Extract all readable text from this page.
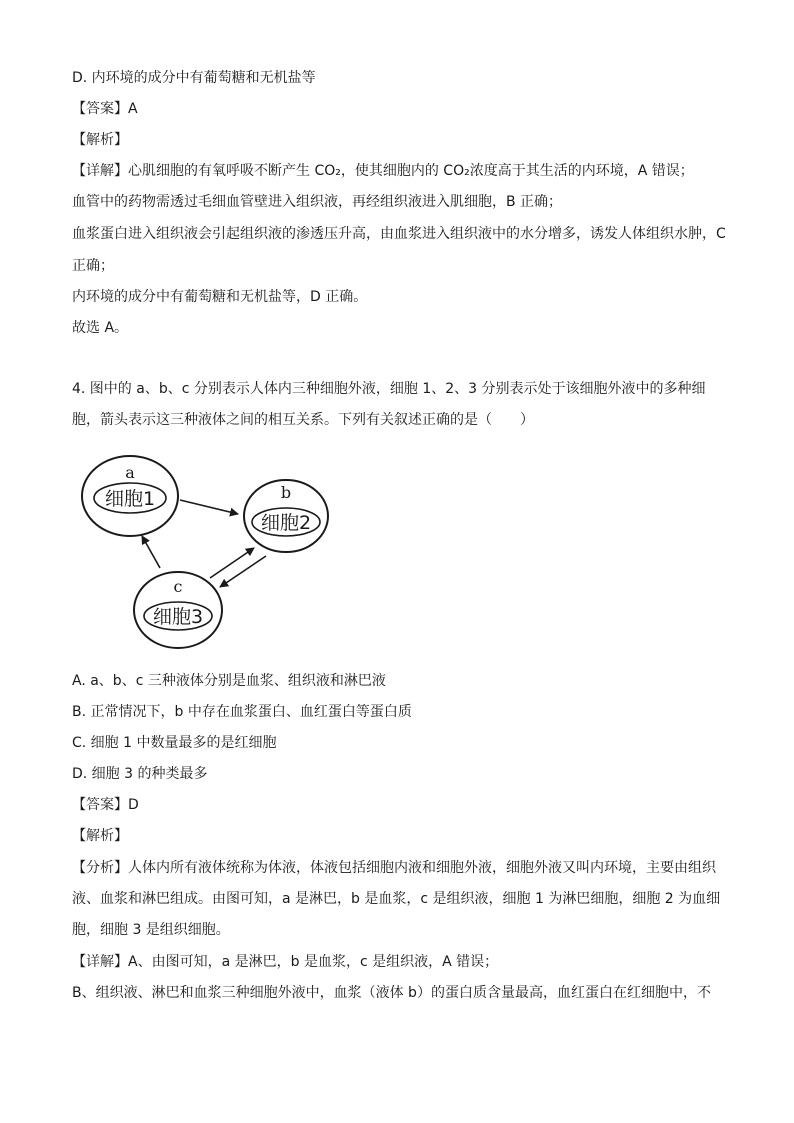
D. 内环境的成分中有葡萄糖和无机盐等
【答案】A
【解析】
【详解】心肌细胞的有氧呼吸不断产生 CO₂，使其细胞内的 CO₂浓度高于其生活的内环境，A 错误；
血管中的药物需透过毛细血管壁进入组织液，再经组织液进入肌细胞，B 正确；
血浆蛋白进入组织液会引起组织液的渗透压升高，由血浆进入组织液中的水分增多，诱发人体组织水肿，C
正确；
内环境的成分中有葡萄糖和无机盐等，D 正确。
故选 A。
4. 图中的 a、b、c 分别表示人体内三种细胞外液，细胞 1、2、3 分别表示处于该细胞外液中的多种细
胞，箭头表示这三种液体之间的相互关系。下列有关叙述正确的是（　　）
a
细胞1	b
细胞2
c
细胞3
A. a、b、c 三种液体分别是血浆、组织液和淋巴液
B. 正常情况下，b 中存在血浆蛋白、血红蛋白等蛋白质
C. 细胞 1 中数量最多的是红细胞
D. 细胞 3 的种类最多
【答案】D
【解析】
【分析】人体内所有液体统称为体液，体液包括细胞内液和细胞外液，细胞外液又叫内环境，主要由组织
液、血浆和淋巴组成。由图可知，a 是淋巴，b 是血浆，c 是组织液，细胞 1 为淋巴细胞，细胞 2 为血细
胞，细胞 3 是组织细胞。
【详解】A、由图可知，a 是淋巴，b 是血浆，c 是组织液，A 错误；
B、组织液、淋巴和血浆三种细胞外液中，血浆（液体 b）的蛋白质含量最高，血红蛋白在红细胞中，不
